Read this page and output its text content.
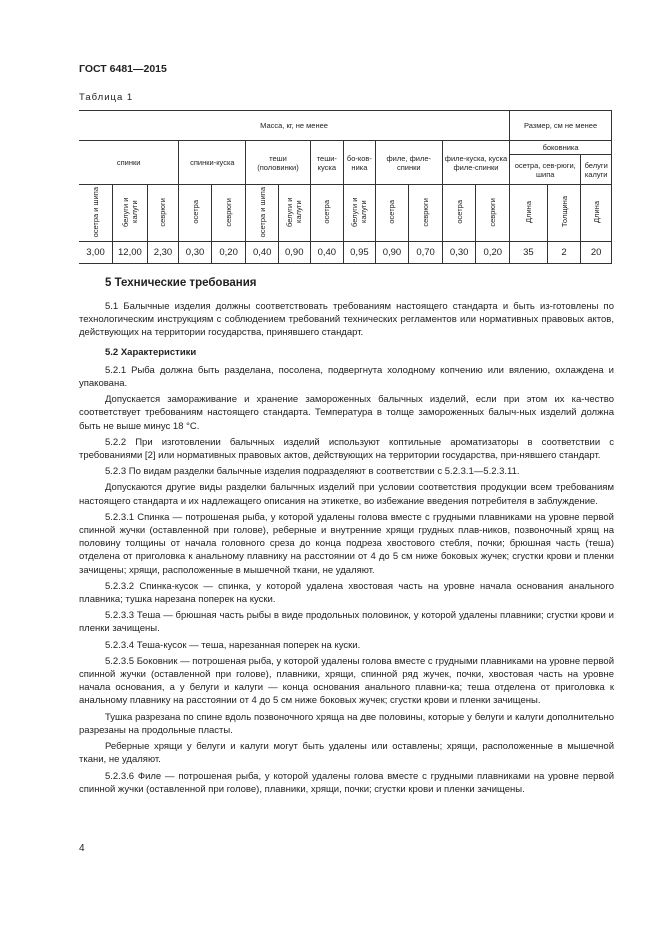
ГОСТ 6481—2015
Таблица 1
Масса, кг, не менее													Размер, см не менее		
спинки			спинки-куска		теши (половинки)		теши-куска	бо-ков-ника	филе, филе-спинки		филе-куска, куска филе-спинки		боковника		
													осетра, сев-рюги, шипа		белуги калуги
осетра и шипа	белуги и калуги	севрюги	осетра	севрюги	осетра и шипа	белуги и калуги	осетра	белуги и калуги	осетра	севрюги	осетра	севрюги	Длина	Толщина	Длина
3,00	12,00	2,30	0,30	0,20	0,40	0,90	0,40	0,95	0,90	0,70	0,30	0,20	35	2	20
5 Технические требования

5.1 Балычные изделия должны соответствовать требованиям настоящего стандарта и быть из-готовлены по технологическим инструкциям с соблюдением требований технических регламентов или нормативных правовых актов, действующих на территории государства, принявшего стандарт.

5.2 Характеристики

5.2.1 Рыба должна быть разделана, посолена, подвергнута холодному копчению или вялению, охлаждена и упакована.

Допускается замораживание и хранение замороженных балычных изделий, если при этом их ка-чество соответствует требованиям настоящего стандарта. Температура в толще замороженных балыч-ных изделий должна быть не выше минус 18 °С.

5.2.2 При изготовлении балычных изделий используют коптильные ароматизаторы в соответствии с требованиями [2] или нормативных правовых актов, действующих на территории государства, при-нявшего стандарт.

5.2.3 По видам разделки балычные изделия подразделяют в соответствии с 5.2.3.1—5.2.3.11.

Допускаются другие виды разделки балычных изделий при условии соответствия продукции всем требованиям настоящего стандарта и их надлежащего описания на этикетке, во избежание введения потребителя в заблуждение.

5.2.3.1 Спинка — потрошеная рыба, у которой удалены голова вместе с грудными плавниками на уровне первой спинной жучки (оставленной при голове), реберные и внутренние хрящи грудных плав-ников, позвоночный хрящ на половину толщины от начала головного среза до конца подреза хвостового стебля, почки; брюшная часть (теша) отделена от приголовка к анальному плавнику на расстоянии от 4 до 5 см ниже боковых жучек; сгустки крови и пленки зачищены; хрящи, расположенные в мышечной ткани, не удаляют.

5.2.3.2 Спинка-кусок — спинка, у которой удалена хвостовая часть на уровне начала основания анального плавника; тушка нарезана поперек на куски.

5.2.3.3 Теша — брюшная часть рыбы в виде продольных половинок, у которой удалены плавники; сгустки крови и пленки зачищены.

5.2.3.4 Теша-кусок — теша, нарезанная поперек на куски.

5.2.3.5 Боковник — потрошеная рыба, у которой удалены голова вместе с грудными плавниками на уровне первой спинной жучки (оставленной при голове), плавники, хрящи, спинной ряд жучек, почки, хвостовая часть на уровне начала основания, а у белуги и калуги — конца основания анального плавни-ка; теша отделена от приголовка к анальному плавнику на расстоянии от 4 до 5 см ниже боковых жучек; сгустки крови и пленки зачищены.

Тушка разрезана по спине вдоль позвоночного хряща на две половины, которые у белуги и калуги дополнительно разрезаны на продольные пласты.

Реберные хрящи у белуги и калуги могут быть удалены или оставлены; хрящи, расположенные в мышечной ткани, не удаляют.

5.2.3.6 Филе — потрошеная рыба, у которой удалены голова вместе с грудными плавниками на уровне первой спинной жучки (оставленной при голове), плавники, хрящи, почки; сгустки крови и пленки зачищены.

4
